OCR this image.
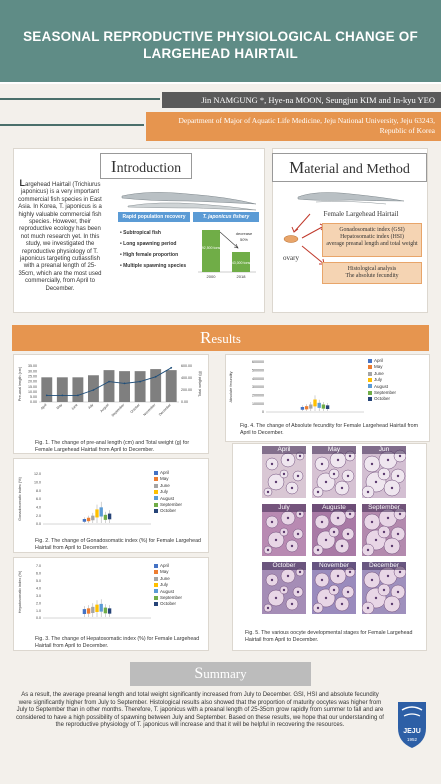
SEASONAL REPRODUCTIVE PHYSIOLOGICAL CHANGE OF LARGEHEAD HAIRTAIL
Jin NAMGUNG *, Hye-na MOON, Seungjun KIM and In-kyu YEO
Department of Major of Aquatic Life Medicine, Jeju National University, Jeju 63243, Republic of Korea
Introduction
Largehead Hairtail (Trichiurus japonicus) is a very important commercial fish species in East Asia. In Korea, T. japonicus is a highly valuable commercial fish species. However, their reproductive ecology has been not much research yet. In this study, we investigated the reproductive physiology of T. japonicus targeting cutlassfish with a preanal length of 25-35cm, which are the most used commercially, from April to December.
Rapid population recovery	T. japonicus fishery
• Subtropical fish
• Long spawning period
• High female proportion
• Multiple spawning species
decrease
50%
92,500 tons
43,000 tons
2000	2018
Material and Method
Female Largehead Hairtail
ovary
Gonadosomatic index (GSI)
Hepatosomatic index (HSI)
average preanal length and total weight
Histological analysis
The absolute fecundity
Results
0.00
5.00
10.00
15.00
20.00
25.00
30.00
35.00
0.00
200.00
400.00
600.00
April May June July August September October November December
Pre-anal length (cm)	Total weight (g)
Fig. 1. The change of pre-anal length (cm) and Total weight (g) for Female Largehead Hairtail from April to December.
0.0
2.0
4.0
6.0
8.0
10.0
12.0
Gonadosomatic index (%)
April
May
June
July
August
September
October
Fig. 2. The change of Gonadosomatic index (%) for Female Largehead Hairtail from April to December.
0.0
1.0
2.0
3.0
4.0
5.0
6.0
7.0
Hepatosomatic index (%)
April
May
June
July
August
September
October
Fig. 3. The change of Hepatosomatic index (%) for Female Largehead Hairtail from April to December.
0
100000
200000
300000
400000
500000
600000
Absolute fecundity
April
May
June
July
August
September
October
Fig. 4. The change of Absolute fecundity for Female Largehead Hairtail from April to December.
April	May	Jun
July	Auguste	September
October	November	December
Fig. 5. The various oocyte developmental stages for Female Largehead Hairtail from April to December.
Summary
As a result, the average preanal length and total weight significantly increased from July to December. GSI, HSI and absolute fecundity were significantly higher from July to September. Histological results also showed that the proportion of maturity oocytes was higher from July to September than in other months. Therefore, T. japonicus with a preanal length of 25-35cm grow rapidly from summer to fall and are considered to have a high possibility of spawning between July and September. Based on these results, we hope that our understanding of the reproductive physiology of T. japonicus will increase and that it will be helpful in recovering the resources.
JEJU
1952
